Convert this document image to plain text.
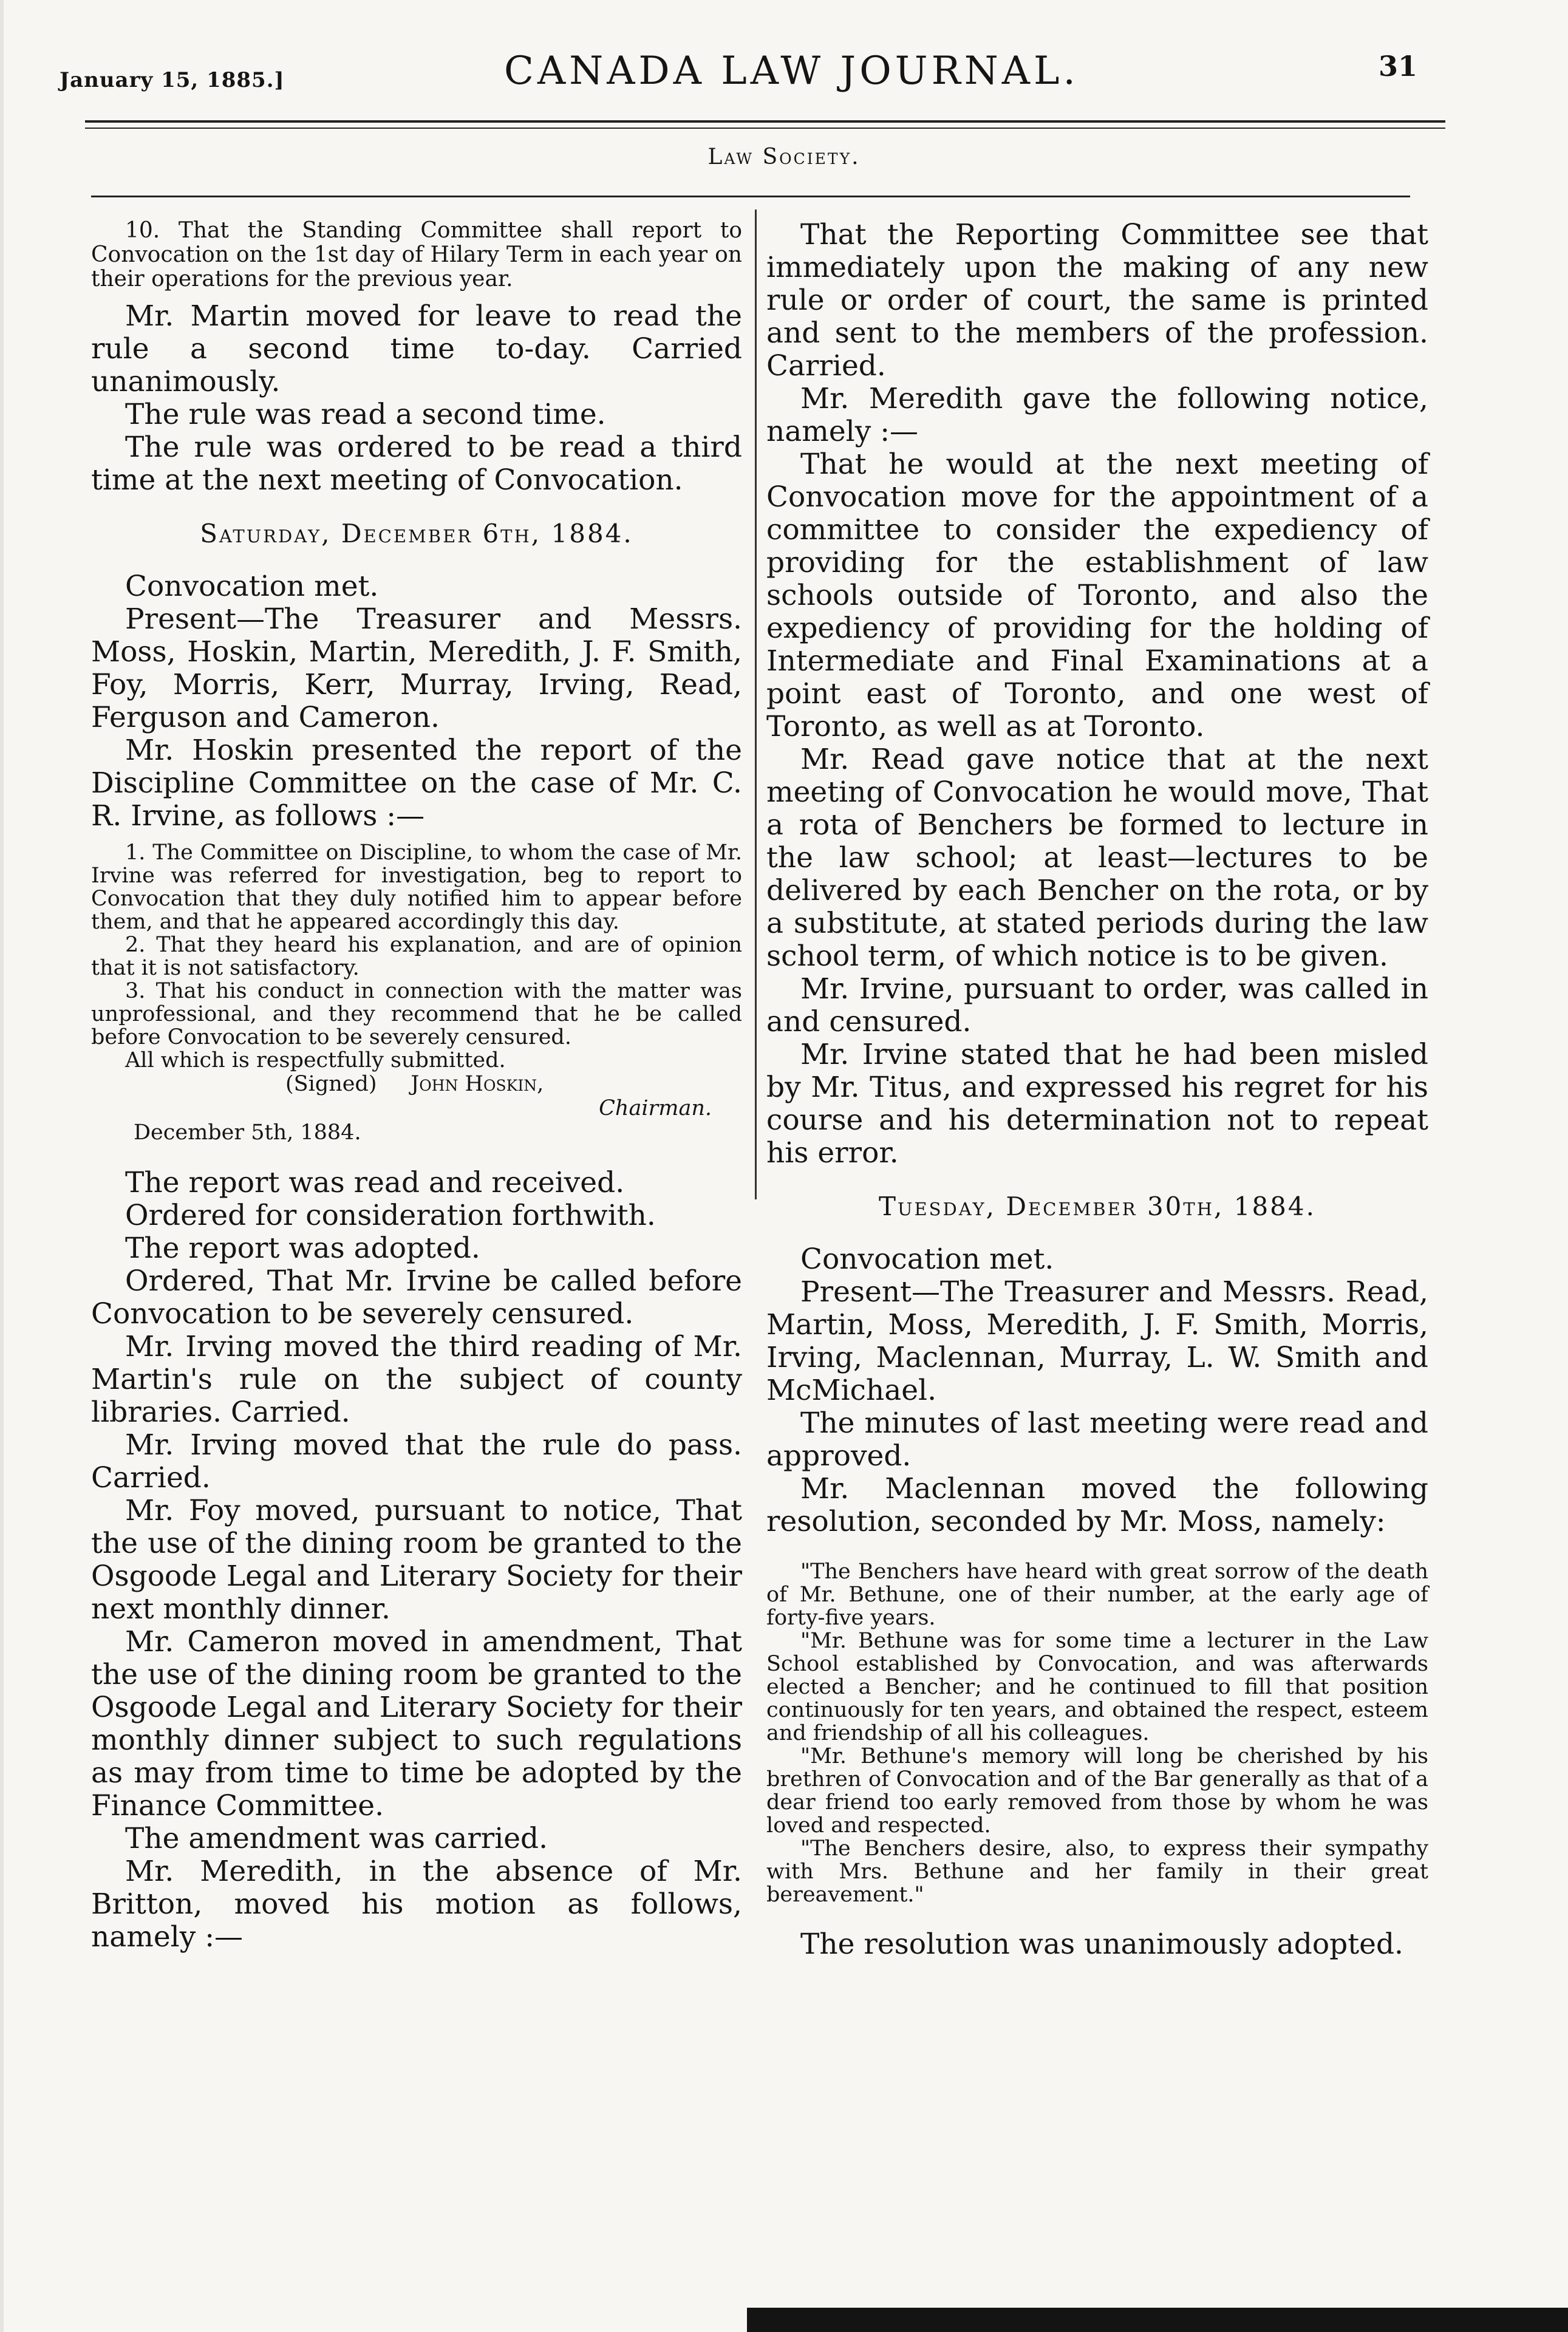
January 15, 1885.]	CANADA LAW JOURNAL.	31
Law Society.

10. That the Standing Committee shall report to Convocation on the 1st day of Hilary Term in each year on their operations for the previous year.

Mr. Martin moved for leave to read the rule a second time to-day. Carried unanimously.

The rule was read a second time.

The rule was ordered to be read a third time at the next meeting of Convocation.

Saturday, December 6th, 1884.

Convocation met.

Present—The Treasurer and Messrs. Moss, Hoskin, Martin, Meredith, J. F. Smith, Foy, Morris, Kerr, Murray, Irving, Read, Ferguson and Cameron.

Mr. Hoskin presented the report of the Discipline Committee on the case of Mr. C. R. Irvine, as follows :—

1. The Committee on Discipline, to whom the case of Mr. Irvine was referred for investigation, beg to report to Convocation that they duly notified him to appear before them, and that he appeared accordingly this day.

2. That they heard his explanation, and are of opinion that it is not satisfactory.

3. That his conduct in connection with the matter was unprofessional, and they recommend that he be called before Convocation to be severely censured.

All which is respectfully submitted.

(Signed) John Hoskin,

Chairman.

December 5th, 1884.

The report was read and received.

Ordered for consideration forthwith.

The report was adopted.

Ordered, That Mr. Irvine be called before Convocation to be severely censured.

Mr. Irving moved the third reading of Mr. Martin's rule on the subject of county libraries. Carried.

Mr. Irving moved that the rule do pass. Carried.

Mr. Foy moved, pursuant to notice, That the use of the dining room be granted to the Osgoode Legal and Literary Society for their next monthly dinner.

Mr. Cameron moved in amendment, That the use of the dining room be granted to the Osgoode Legal and Literary Society for their monthly dinner subject to such regulations as may from time to time be adopted by the Finance Committee.

The amendment was carried.

Mr. Meredith, in the absence of Mr. Britton, moved his motion as follows, namely :—

That the Reporting Committee see that immediately upon the making of any new rule or order of court, the same is printed and sent to the members of the profession. Carried.

Mr. Meredith gave the following notice, namely :—

That he would at the next meeting of Convocation move for the appointment of a committee to consider the expediency of providing for the establishment of law schools outside of Toronto, and also the expediency of providing for the holding of Intermediate and Final Examinations at a point east of Toronto, and one west of Toronto, as well as at Toronto.

Mr. Read gave notice that at the next meeting of Convocation he would move, That a rota of Benchers be formed to lecture in the law school; at least—lectures to be delivered by each Bencher on the rota, or by a substitute, at stated periods during the law school term, of which notice is to be given.

Mr. Irvine, pursuant to order, was called in and censured.

Mr. Irvine stated that he had been misled by Mr. Titus, and expressed his regret for his course and his determination not to repeat his error.

Tuesday, December 30th, 1884.

Convocation met.

Present—The Treasurer and Messrs. Read, Martin, Moss, Meredith, J. F. Smith, Morris, Irving, Maclennan, Murray, L. W. Smith and McMichael.

The minutes of last meeting were read and approved.

Mr. Maclennan moved the following resolution, seconded by Mr. Moss, namely:

"The Benchers have heard with great sorrow of the death of Mr. Bethune, one of their number, at the early age of forty-five years.

"Mr. Bethune was for some time a lecturer in the Law School established by Convocation, and was afterwards elected a Bencher; and he continued to fill that position continuously for ten years, and obtained the respect, esteem and friendship of all his colleagues.

"Mr. Bethune's memory will long be cherished by his brethren of Convocation and of the Bar generally as that of a dear friend too early removed from those by whom he was loved and respected.

"The Benchers desire, also, to express their sympathy with Mrs. Bethune and her family in their great bereavement."

The resolution was unanimously adopted.
